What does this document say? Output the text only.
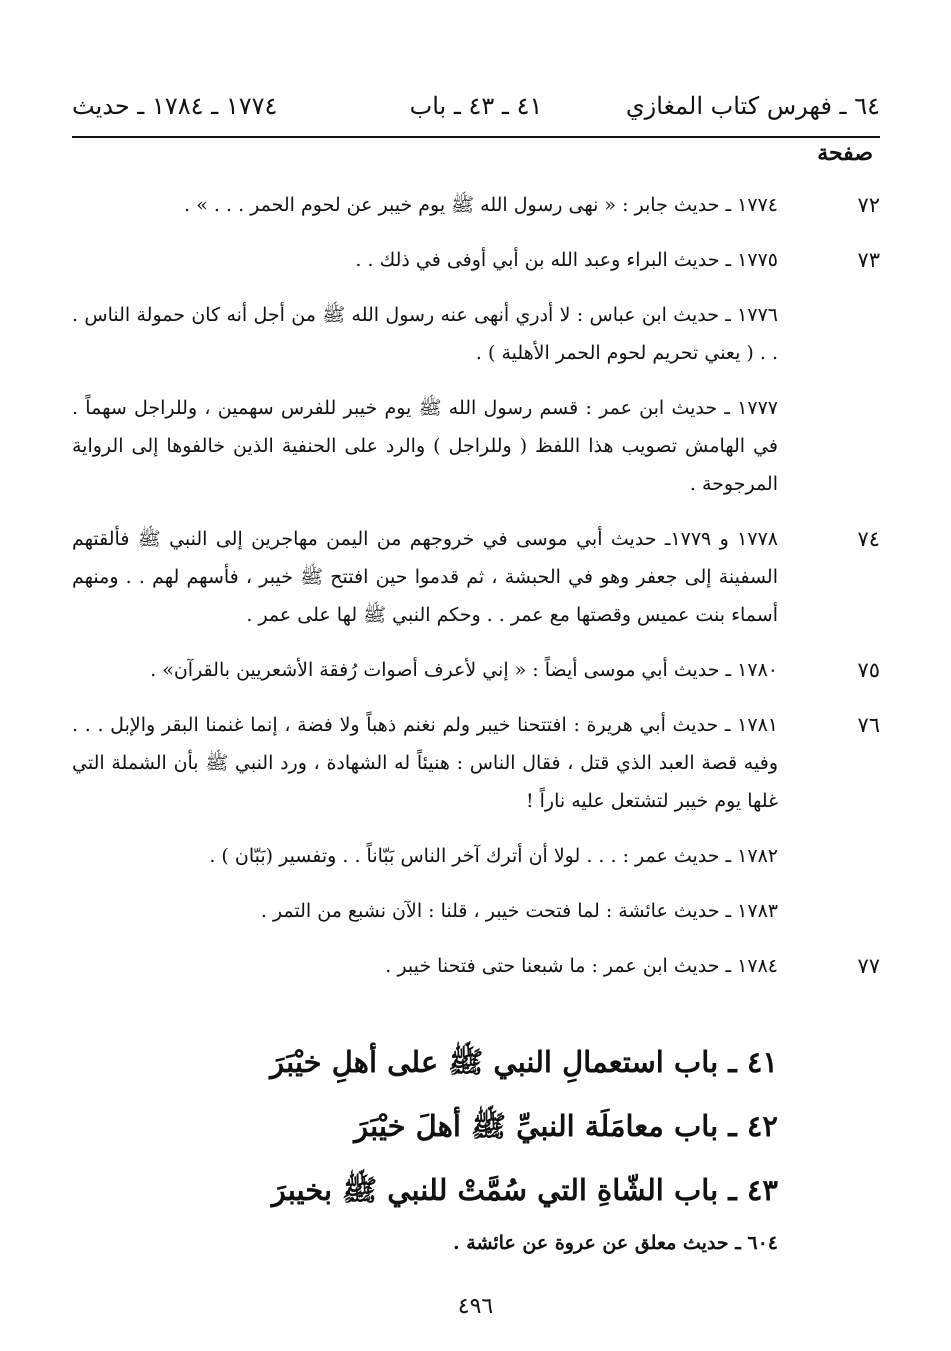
٦٤ ـ فهرس كتاب المغازي
٤١ ـ ٤٣ ـ باب
١٧٧٤ ـ ١٧٨٤ ـ حديث
صفحة
٧٢
١٧٧٤ ـ حديث جابر : « نهى رسول الله ﷺ يوم خيبر عن لحوم الحمر . . . » .
٧٣
١٧٧٥ ـ حديث البراء وعبد الله بن أبي أوفى في ذلك . .
١٧٧٦ ـ حديث ابن عباس : لا أدري أنهى عنه رسول الله ﷺ من أجل أنه كان حمولة الناس . . . ( يعني تحريم لحوم الحمر الأهلية ) .
١٧٧٧ ـ حديث ابن عمر : قسم رسول الله ﷺ يوم خيبر للفرس سهمين ، وللراجل سهماً . في الهامش تصويب هذا اللفظ ( وللراجل ) والرد على الحنفية الذين خالفوها إلى الرواية المرجوحة .
٧٤
١٧٧٨ و ١٧٧٩ـ حديث أبي موسى في خروجهم من اليمن مهاجرين إلى النبي ﷺ فألقتهم السفينة إلى جعفر وهو في الحبشة ، ثم قدموا حين افتتح ﷺ خيبر ، فأسهم لهم . . ومنهم أسماء بنت عميس وقصتها مع عمر . . وحكم النبي ﷺ لها على عمر .
٧٥
١٧٨٠ ـ حديث أبي موسى أيضاً : « إني لأعرف أصوات رُفقة الأشعريين بالقرآن» .
٧٦
١٧٨١ ـ حديث أبي هريرة : افتتحنا خيبر ولم نغنم ذهباً ولا فضة ، إنما غنمنا البقر والإبل . . . وفيه قصة العبد الذي قتل ، فقال الناس : هنيئاً له الشهادة ، ورد النبي ﷺ بأن الشملة التي غلها يوم خيبر لتشتعل عليه ناراً !
١٧٨٢ ـ حديث عمر : . . . لولا أن أترك آخر الناس بَبّاناً . . وتفسير (بَبّان ) .
١٧٨٣ ـ حديث عائشة : لما فتحت خيبر ، قلنا : الآن نشبع من التمر .
٧٧
١٧٨٤ ـ حديث ابن عمر : ما شبعنا حتى فتحنا خيبر .
٤١ ـ باب استعمالِ النبي ﷺ على أهلِ خيْبَرَ
٤٢ ـ باب معامَلَة النبيِّ ﷺ أهلَ خيْبَرَ
٤٣ ـ باب الشّاةِ التي سُمَّتْ للنبي ﷺ بخيبرَ
٦٠٤ ـ حديث معلق عن عروة عن عائشة .
٤٩٦
